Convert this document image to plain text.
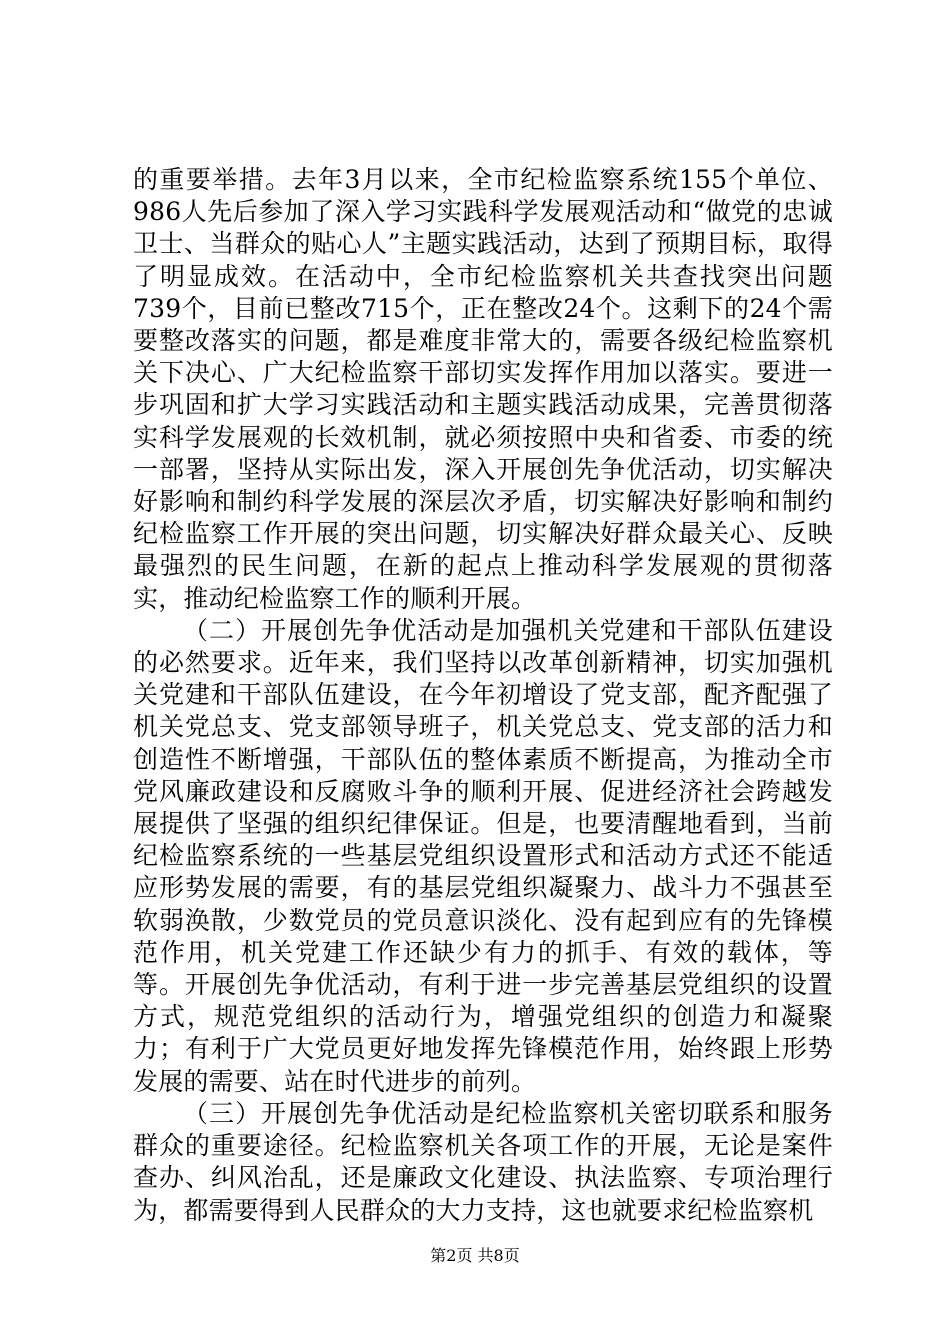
的重要举措。去年3月以来，全市纪检监察系统155个单位、986人先后参加了深入学习实践科学发展观活动和“做党的忠诚卫士、当群众的贴心人”主题实践活动，达到了预期目标，取得了明显成效。在活动中，全市纪检监察机关共查找突出问题739个，目前已整改715个，正在整改24个。这剩下的24个需要整改落实的问题，都是难度非常大的，需要各级纪检监察机关下决心、广大纪检监察干部切实发挥作用加以落实。要进一步巩固和扩大学习实践活动和主题实践活动成果，完善贯彻落实科学发展观的长效机制，就必须按照中央和省委、市委的统一部署，坚持从实际出发，深入开展创先争优活动，切实解决好影响和制约科学发展的深层次矛盾，切实解决好影响和制约纪检监察工作开展的突出问题，切实解决好群众最关心、反映最强烈的民生问题，在新的起点上推动科学发展观的贯彻落实，推动纪检监察工作的顺利开展。

（二）开展创先争优活动是加强机关党建和干部队伍建设的必然要求。近年来，我们坚持以改革创新精神，切实加强机关党建和干部队伍建设，在今年初增设了党支部，配齐配强了机关党总支、党支部领导班子，机关党总支、党支部的活力和创造性不断增强，干部队伍的整体素质不断提高，为推动全市党风廉政建设和反腐败斗争的顺利开展、促进经济社会跨越发展提供了坚强的组织纪律保证。但是，也要清醒地看到，当前纪检监察系统的一些基层党组织设置形式和活动方式还不能适应形势发展的需要，有的基层党组织凝聚力、战斗力不强甚至软弱涣散，少数党员的党员意识淡化、没有起到应有的先锋模范作用，机关党建工作还缺少有力的抓手、有效的载体，等等。开展创先争优活动，有利于进一步完善基层党组织的设置方式，规范党组织的活动行为，增强党组织的创造力和凝聚力；有利于广大党员更好地发挥先锋模范作用，始终跟上形势发展的需要、站在时代进步的前列。

（三）开展创先争优活动是纪检监察机关密切联系和服务群众的重要途径。纪检监察机关各项工作的开展，无论是案件查办、纠风治乱，还是廉政文化建设、执法监察、专项治理行为，都需要得到人民群众的大力支持，这也就要求纪检监察机

第2页 共8页
